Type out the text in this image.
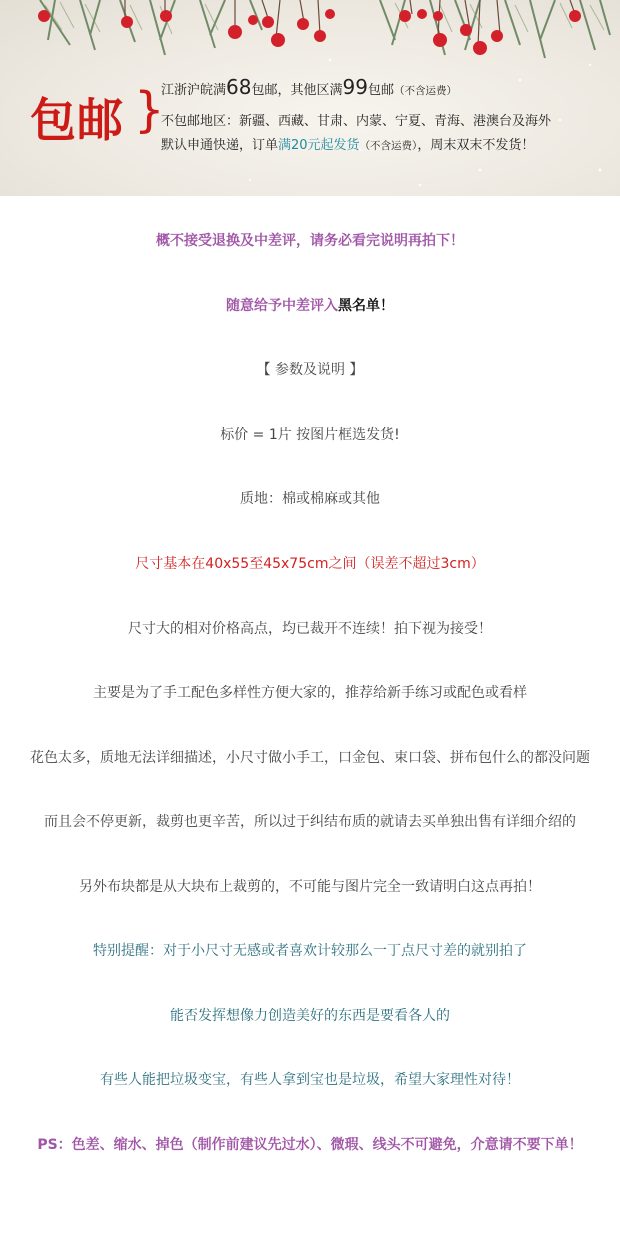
包邮 }
江浙沪皖满68包邮，其他区满99包邮（不含运费）
不包邮地区：新疆、西藏、甘肃、内蒙、宁夏、青海、港澳台及海外
默认申通快递，订单满20元起发货（不含运费），周末双末不发货！
概不接受退换及中差评，请务必看完说明再拍下！
随意给予中差评入黑名单！
【 参数及说明 】
标价 = 1片 按图片框选发货!
质地：棉或棉麻或其他
尺寸基本在40x55至45x75cm之间（误差不超过3cm）
尺寸大的相对价格高点，均已裁开不连续！拍下视为接受！
主要是为了手工配色多样性方便大家的，推荐给新手练习或配色或看样
花色太多，质地无法详细描述，小尺寸做小手工，口金包、束口袋、拼布包什么的都没问题
而且会不停更新，裁剪也更辛苦，所以过于纠结布质的就请去买单独出售有详细介绍的
另外布块都是从大块布上裁剪的，不可能与图片完全一致请明白这点再拍！
特别提醒：对于小尺寸无感或者喜欢计较那么一丁点尺寸差的就别拍了
能否发挥想像力创造美好的东西是要看各人的
有些人能把垃圾变宝，有些人拿到宝也是垃圾，希望大家理性对待！
PS：色差、缩水、掉色（制作前建议先过水）、微瑕、线头不可避免，介意请不要下单！
